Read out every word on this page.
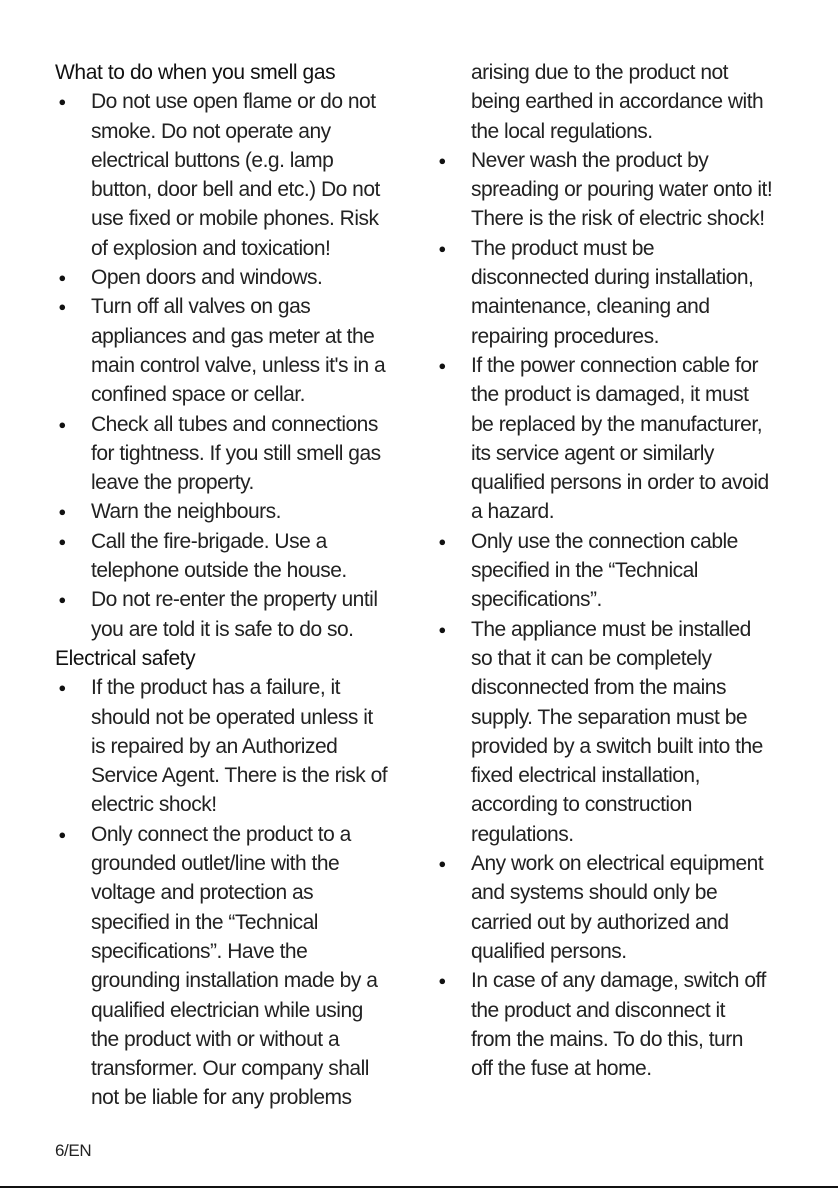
What to do when you smell gas
● Do not use open flame or do not
smoke. Do not operate any
electrical buttons (e.g. lamp
button, door bell and etc.) Do not
use fixed or mobile phones. Risk
of explosion and toxication!
● Open doors and windows.
● Turn off all valves on gas
appliances and gas meter at the
main control valve, unless it's in a
confined space or cellar.
● Check all tubes and connections
for tightness. If you still smell gas
leave the property.
● Warn the neighbours.
● Call the fire-brigade. Use a
telephone outside the house.
● Do not re-enter the property until
you are told it is safe to do so.
Electrical safety
● If the product has a failure, it
should not be operated unless it
is repaired by an Authorized
Service Agent. There is the risk of
electric shock!
● Only connect the product to a
grounded outlet/line with the
voltage and protection as
specified in the “Technical
specifications”. Have the
grounding installation made by a
qualified electrician while using
the product with or without a
transformer. Our company shall
not be liable for any problems
arising due to the product not
being earthed in accordance with
the local regulations.
● Never wash the product by
spreading or pouring water onto it!
There is the risk of electric shock!
● The product must be
disconnected during installation,
maintenance, cleaning and
repairing procedures.
● If the power connection cable for
the product is damaged, it must
be replaced by the manufacturer,
its service agent or similarly
qualified persons in order to avoid
a hazard.
● Only use the connection cable
specified in the “Technical
specifications”.
● The appliance must be installed
so that it can be completely
disconnected from the mains
supply. The separation must be
provided by a switch built into the
fixed electrical installation,
according to construction
regulations.
● Any work on electrical equipment
and systems should only be
carried out by authorized and
qualified persons.
● In case of any damage, switch off
the product and disconnect it
from the mains. To do this, turn
off the fuse at home.
6/EN
